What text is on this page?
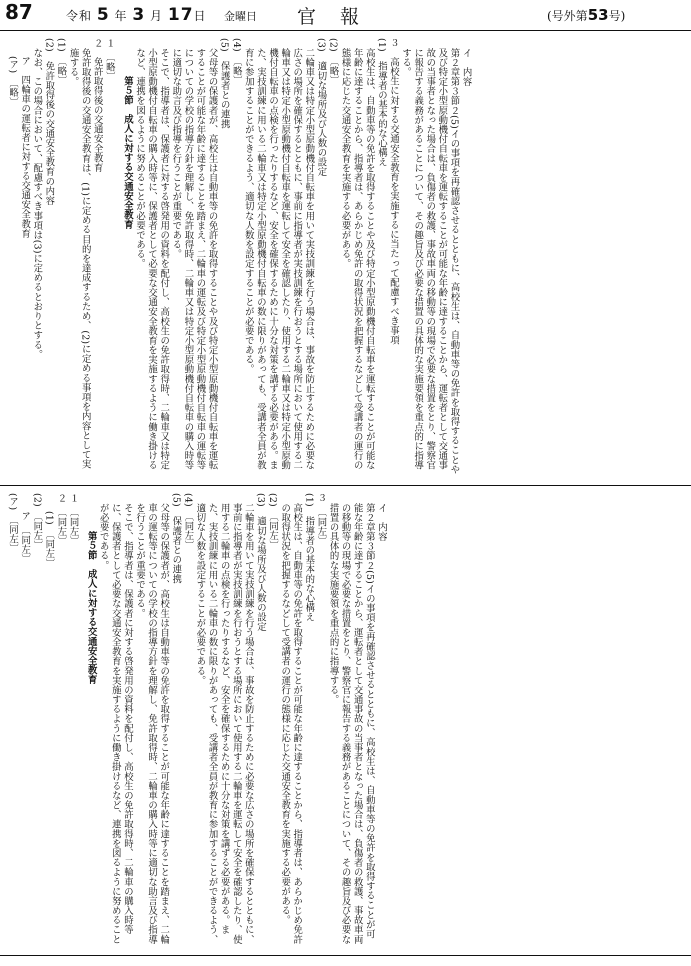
87	令和 5 年 3 月 17日 金曜日 官報	(号外第53号)

イ　内容

第２章第３節２(5)イの事項を再確認させるとともに、高校生は、自動車等の免許を取得することや及び特定小型原動機付自転車を運転することが可能な年齢に達することから、運転者として交通事故の当事者となった場合は、負傷者の救護、事故車両の移動等の現場で必要な措置をとり、警察官に報告する義務があることについて、その趣旨及び必要な措置の具体的な実施要領を重点的に指導する。

３　高校生に対する交通安全教育を実施するに当たって配慮すべき事項

(1)　指導者の基本的な心構え

高校生は、自動車等の免許を取得することや及び特定小型原動機付自転車を運転することが可能な年齢に達することから、指導者は、あらかじめ免許の取得状況を把握するなどして受講者の運行の態様に応じた交通安全教育を実施する必要がある。

(2)　〔略〕

(3)　適切な場所及び人数の設定

二輪車又は特定小型原動機付自転車を用いて実技訓練を行う場合は、事故を防止するために必要な広さの場所を確保するとともに、事前に指導者が実技訓練を行おうとする場所において使用する二輪車又は特定小型原動機付自転車を運転して安全を確認したり、使用する二輪車又は特定小型原動機付自転車の点検を行ったりするなど、安全を確保するために十分な対策を講ずる必要がある。また、実技訓練に用いる二輪車又は特定小型原動機付自転車の数に限りがあっても、受講者全員が教育に参加することができるよう、適切な人数を設定することが必要である。

(4)　〔略〕

(5)　保護者との連携

父母等の保護者が、高校生は自動車等の免許を取得することや及び特定小型原動機付自転車を運転することが可能な年齢に達することを踏まえ、二輪車の運転及び特定小型原動機付自転車の運転等についての学校の指導方針を理解し、免許取得時、二輪車又は特定小型原動機付自転車の購入時等に適切な助言及び指導を行うことが重要である。

そこで、指導者は、保護者に対する啓発用の資料を配付し、高校生の免許取得時、二輪車又は特定小型原動機付自転車の購入時等に、保護者として必要な交通安全教育を実施するように働き掛けるなど、連携を図るように努めることが必要である。

第５節　成人に対する交通安全教育

１　〔略〕

２　免許取得後の交通安全教育

免許取得後の交通安全教育は、(1)に定める目的を達成するため、(2)に定める事項を内容として実施する。

(1)　〔略〕

(2)　免許取得後の交通安全教育の内容

なお、この場合において、配慮すべき事項は(3)に定めるとおりとする。

ア　四輪車の運転者に対する交通安全教育

(ア)　〔略〕

イ　内容

第２章第３節２(5)イの事項を再確認させるとともに、高校生は、自動車等の免許を取得することが可能な年齢に達することから、運転者として交通事故の当事者となった場合は、負傷者の救護、事故車両の移動等の現場で必要な措置をとり、警察官に報告する義務があることについて、その趣旨及び必要な措置の具体的な実施要領を重点的に指導する。

３　〔同左〕

(1)　指導者の基本的な心構え

高校生は、自動車等の免許を取得することが可能な年齢に達することから、指導者は、あらかじめ免許の取得状況を把握するなどして受講者の運行の態様に応じた交通安全教育を実施する必要がある。

(2)　〔同左〕

(3)　適切な場所及び人数の設定

二輪車を用いて実技訓練を行う場合は、事故を防止するために必要な広さの場所を確保するとともに、事前に指導者が実技訓練を行おうとする場所において使用する二輪車を運転して安全を確認したり、使用する二輪車の点検を行ったりするなど、安全を確保するために十分な対策を講ずる必要がある。また、実技訓練に用いる二輪車の数に限りがあっても、受講者全員が教育に参加することができるよう、適切な人数を設定することが必要である。

(4)　〔同左〕

(5)　保護者との連携

父母等の保護者が、高校生は自動車等の免許を取得することが可能な年齢に達することを踏まえ、二輪車の運転等についての学校の指導方針を理解し、免許取得時、二輪車の購入時等に適切な助言及び指導を行うことが重要である。

そこで、指導者は、保護者に対する啓発用の資料を配付し、高校生の免許取得時、二輪車の購入時等に、保護者として必要な交通安全教育を実施するように働き掛けるなど、連携を図るように努めることが必要である。

第５節　成人に対する交通安全教育

１　〔同左〕

２　〔同左〕

(1)　〔同左〕

(2)　〔同左〕

ア　〔同左〕

(ア)　〔同左〕
